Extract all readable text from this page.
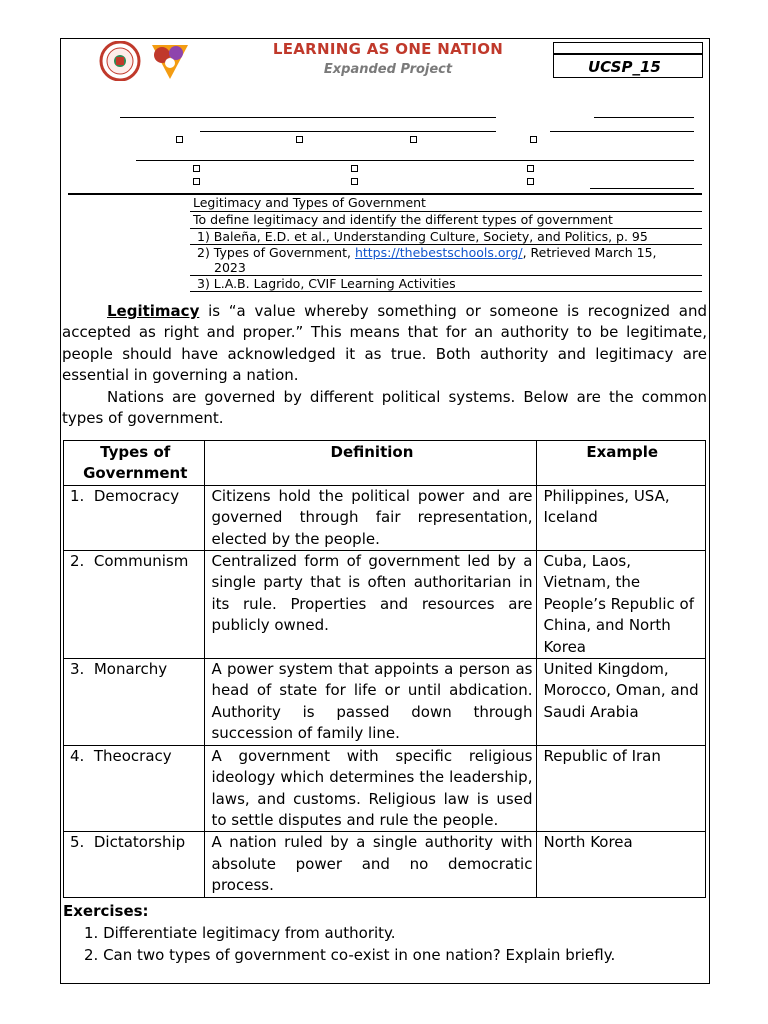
LEARNING AS ONE NATION
Expanded Project	UCSP_15
Legitimacy and Types of Government
To define legitimacy and identify the different types of government
1) Baleña, E.D. et al., Understanding Culture, Society, and Politics, p. 95
2) Types of Government, https://thebestschools.org/, Retrieved March 15,
2023
3) L.A.B. Lagrido, CVIF Learning Activities
Legitimacy is “a value whereby something or someone is recognized and accepted as right and proper.” This means that for an authority to be legitimate, people should have acknowledged it as true. Both authority and legitimacy are essential in governing a nation.
Nations are governed by different political systems. Below are the common types of government.
Types of Government	Definition	Example
1. Democracy	Citizens hold the political power and are governed through fair representation, elected by the people.	Philippines, USA, Iceland
2. Communism	Centralized form of government led by a single party that is often authoritarian in its rule. Properties and resources are publicly owned.	Cuba, Laos, Vietnam, the People’s Republic of China, and North Korea
3. Monarchy	A power system that appoints a person as head of state for life or until abdication. Authority is passed down through succession of family line.	United Kingdom, Morocco, Oman, and Saudi Arabia
4. Theocracy	A government with specific religious ideology which determines the leadership, laws, and customs. Religious law is used to settle disputes and rule the people.	Republic of Iran
5. Dictatorship	A nation ruled by a single authority with absolute power and no democratic process.	North Korea
Exercises:
1. Differentiate legitimacy from authority.
2. Can two types of government co-exist in one nation? Explain briefly.
